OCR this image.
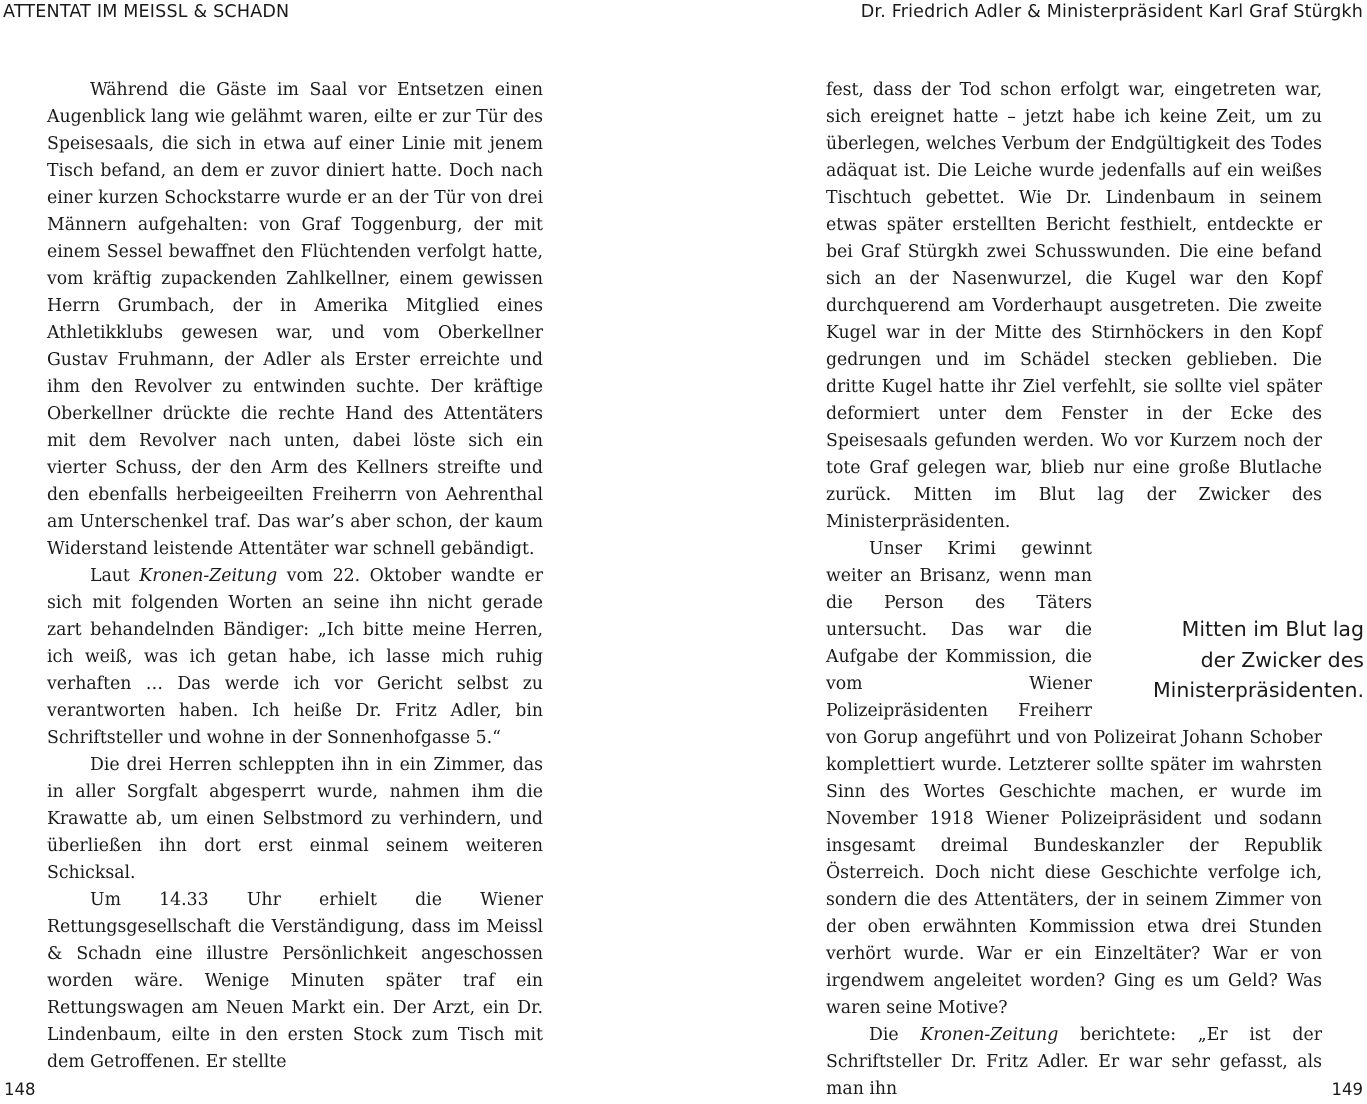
ATTENTAT IM MEISSL & SCHADN	Dr. Friedrich Adler & Ministerpräsident Karl Graf Stürgkh

Während die Gäste im Saal vor Entsetzen einen Augenblick lang wie gelähmt waren, eilte er zur Tür des Speisesaals, die sich in etwa auf einer Linie mit jenem Tisch befand, an dem er zuvor diniert hatte. Doch nach einer kurzen Schockstarre wurde er an der Tür von drei Männern aufgehalten: von Graf Toggenburg, der mit einem Sessel bewaffnet den Flüchtenden verfolgt hatte, vom kräftig zupackenden Zahlkellner, einem gewissen Herrn Grumbach, der in Amerika Mitglied eines Athletikklubs gewesen war, und vom Oberkellner Gustav Fruhmann, der Adler als Erster erreichte und ihm den Revolver zu entwinden suchte. Der kräftige Oberkellner drückte die rechte Hand des Attentäters mit dem Revolver nach unten, dabei löste sich ein vierter Schuss, der den Arm des Kellners streifte und den ebenfalls herbeigeeilten Freiherrn von Aehrenthal am Unterschenkel traf. Das war’s aber schon, der kaum Widerstand leistende Attentäter war schnell gebändigt.

Laut Kronen-Zeitung vom 22. Oktober wandte er sich mit folgenden Worten an seine ihn nicht gerade zart behandelnden Bändiger: „Ich bitte meine Herren, ich weiß, was ich getan habe, ich lasse mich ruhig verhaften … Das werde ich vor Gericht selbst zu verantworten haben. Ich heiße Dr. Fritz Adler, bin Schriftsteller und wohne in der Sonnenhofgasse 5.“

Die drei Herren schleppten ihn in ein Zimmer, das in aller Sorgfalt abgesperrt wurde, nahmen ihm die Krawatte ab, um einen Selbstmord zu verhindern, und überließen ihn dort erst einmal seinem weiteren Schicksal.

Um 14.33 Uhr erhielt die Wiener Rettungsgesellschaft die Verständigung, dass im Meissl & Schadn eine illustre Persönlichkeit angeschossen worden wäre. Wenige Minuten später traf ein Rettungswagen am Neuen Markt ein. Der Arzt, ein Dr. Lindenbaum, eilte in den ersten Stock zum Tisch mit dem Getroffenen. Er stellte

fest, dass der Tod schon erfolgt war, eingetreten war, sich ereignet hatte – jetzt habe ich keine Zeit, um zu überlegen, welches Verbum der Endgültigkeit des Todes adäquat ist. Die Leiche wurde jedenfalls auf ein weißes Tischtuch gebettet. Wie Dr. Lindenbaum in seinem etwas später erstellten Bericht festhielt, entdeckte er bei Graf Stürgkh zwei Schusswunden. Die eine befand sich an der Nasenwurzel, die Kugel war den Kopf durchquerend am Vorderhaupt ausgetreten. Die zweite Kugel war in der Mitte des Stirnhöckers in den Kopf gedrungen und im Schädel stecken geblieben. Die dritte Kugel hatte ihr Ziel verfehlt, sie sollte viel später deformiert unter dem Fenster in der Ecke des Speisesaals gefunden werden. Wo vor Kurzem noch der tote Graf gelegen war, blieb nur eine große Blutlache zurück. Mitten im Blut lag der Zwicker des Ministerpräsidenten.

Unser Krimi gewinnt weiter an Brisanz, wenn man die Person des Täters untersucht. Das war die Aufgabe der Kommission, die vom Wiener Polizeipräsidenten Freiherr von Gorup angeführt und von Polizeirat Johann Schober komplettiert wurde. Letzterer sollte später im wahrsten Sinn des Wortes Geschichte machen, er wurde im November 1918 Wiener Polizeipräsident und sodann insgesamt dreimal Bundeskanzler der Republik Österreich. Doch nicht diese Geschichte verfolge ich, sondern die des Attentäters, der in seinem Zimmer von der oben erwähnten Kommission etwa drei Stunden verhört wurde. War er ein Einzeltäter? War er von irgendwem angeleitet worden? Ging es um Geld? Was waren seine Motive?

Die Kronen-Zeitung berichtete: „Er ist der Schriftsteller Dr. Fritz Adler. Er war sehr gefasst, als man ihn

Mitten im Blut lag
der Zwicker des
Ministerpräsidenten.
148	149
